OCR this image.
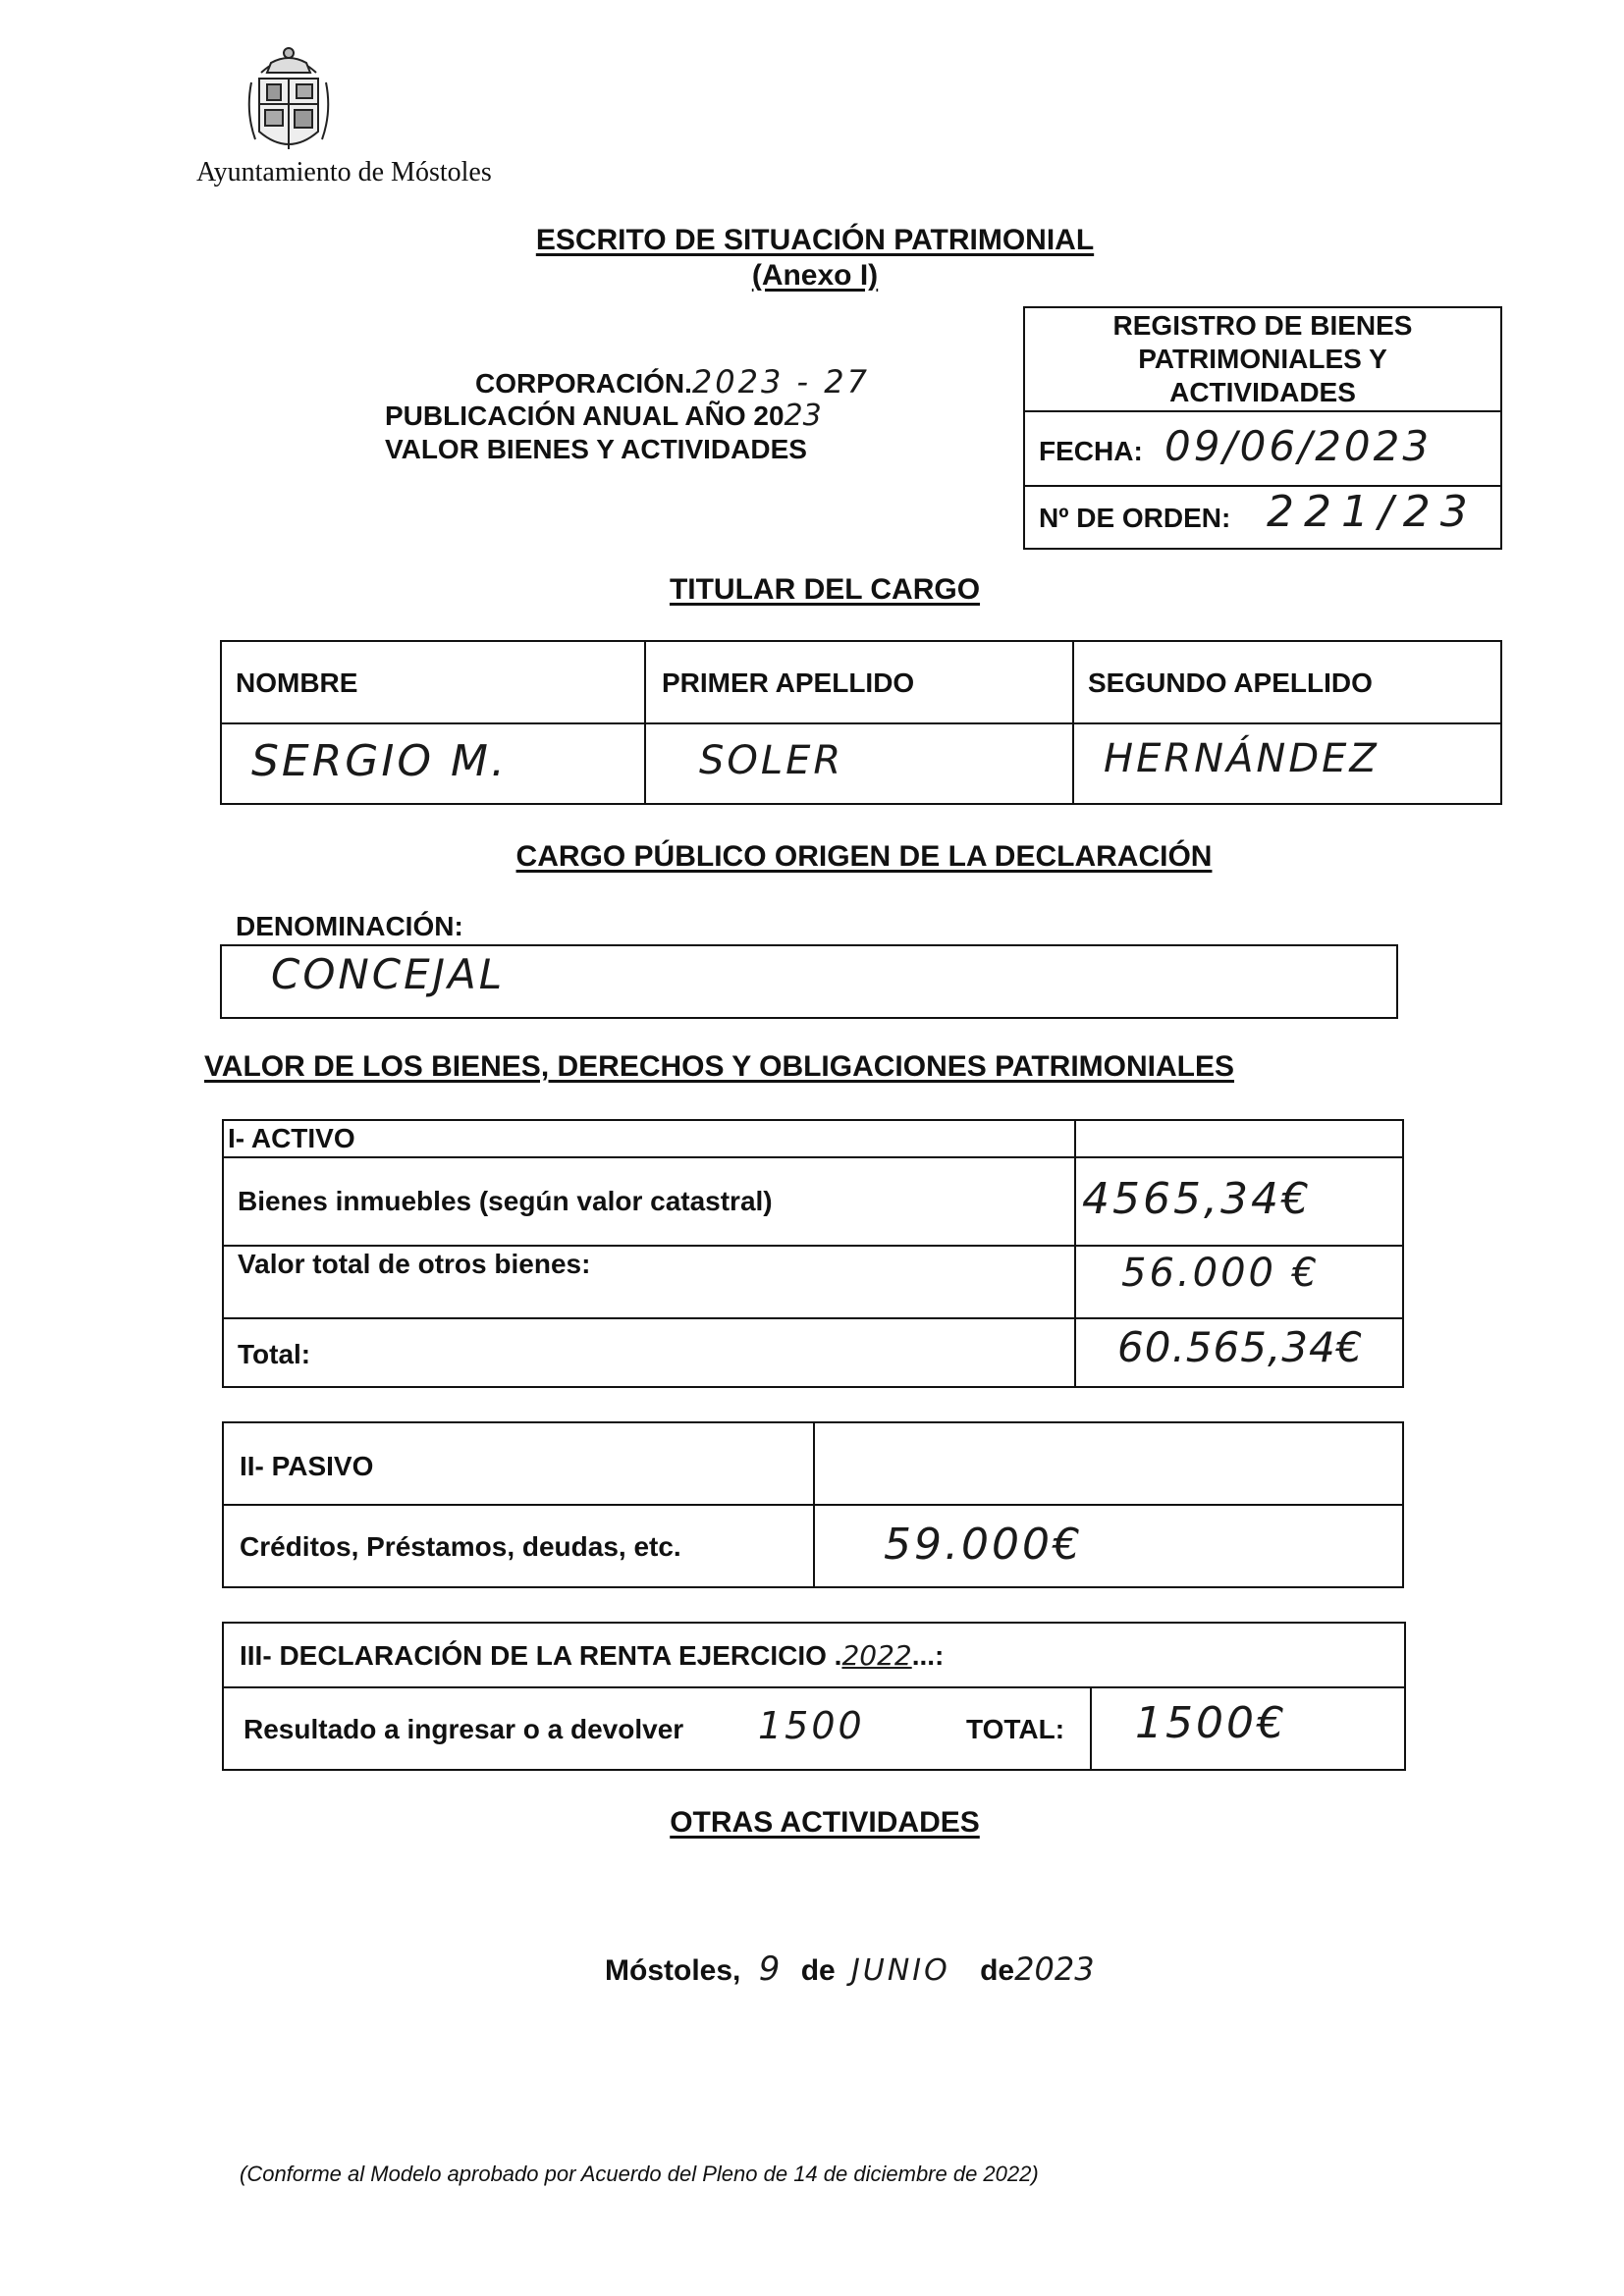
Ayuntamiento de Móstoles
ESCRITO DE SITUACIÓN PATRIMONIAL
(Anexo I)
CORPORACIÓN.2023 - 27
PUBLICACIÓN ANUAL AÑO 2023
VALOR BIENES Y ACTIVIDADES
REGISTRO DE BIENES
PATRIMONIALES Y
ACTIVIDADES
FECHA: 09/06/2023
Nº DE ORDEN: 221/23
TITULAR DEL CARGO
NOMBRE	PRIMER APELLIDO	SEGUNDO APELLIDO
SERGIO M.	SOLER	HERNÁNDEZ
CARGO PÚBLICO ORIGEN DE LA DECLARACIÓN
DENOMINACIÓN:
CONCEJAL
VALOR DE LOS BIENES, DERECHOS Y OBLIGACIONES PATRIMONIALES
I- ACTIVO
Bienes inmuebles (según valor catastral)	4565,34€
Valor total de otros bienes:	56.000 €
Total:	60.565,34€
II- PASIVO
Créditos, Préstamos, deudas, etc.	59.000€
III- DECLARACIÓN DE LA RENTA EJERCICIO .2022...:
Resultado a ingresar o a devolver 1500	TOTAL: 1500€
OTRAS ACTIVIDADES
Móstoles, 9 de JUNIO de2023
(Conforme al Modelo aprobado por Acuerdo del Pleno de 14 de diciembre de 2022)
